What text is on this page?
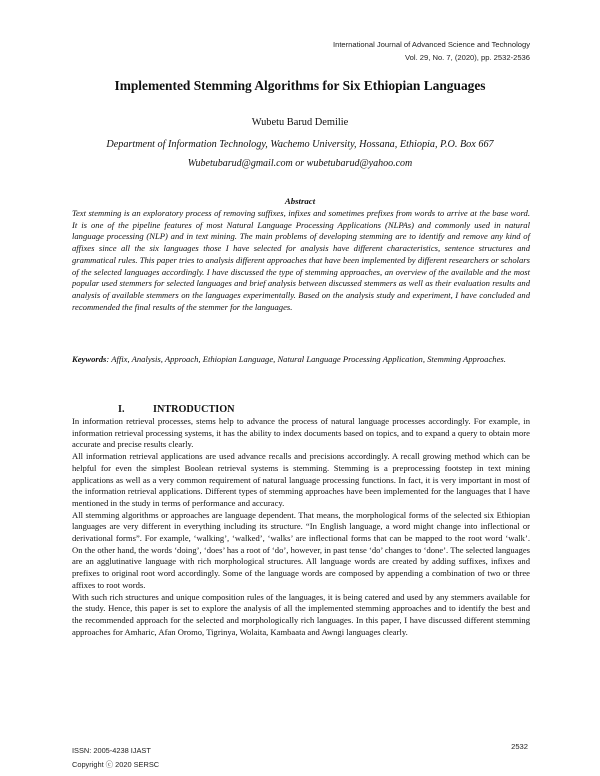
International Journal of Advanced Science and Technology
Vol. 29, No. 7, (2020), pp. 2532-2536
Implemented Stemming Algorithms for Six Ethiopian Languages
Wubetu Barud Demilie
Department of Information Technology, Wachemo University, Hossana, Ethiopia, P.O. Box 667
Wubetubarud@gmail.com or wubetubarud@yahoo.com
Abstract

Text stemming is an exploratory process of removing suffixes, infixes and sometimes prefixes from words to arrive at the base word. It is one of the pipeline features of most Natural Language Processing Applications (NLPAs) and commonly used in natural language processing (NLP) and in text mining. The main problems of developing stemming are to identify and remove any kind of affixes since all the six languages those I have selected for analysis have different characteristics, sentence structures and grammatical rules. This paper tries to analysis different approaches that have been implemented by different researchers or scholars of the selected languages accordingly. I have discussed the type of stemming approaches, an overview of the available and the most popular used stemmers for selected languages and brief analysis between discussed stemmers as well as their evaluation results and analysis of available stemmers on the languages experimentally. Based on the analysis study and experiment, I have concluded and recommended the final results of the stemmer for the languages.

Keywords: Affix, Analysis, Approach, Ethiopian Language, Natural Language Processing Application, Stemming Approaches.

I.	INTRODUCTION

In information retrieval processes, stems help to advance the process of natural language processes accordingly. For example, in information retrieval processing systems, it has the ability to index documents based on topics, and to expand a query to obtain more accurate and precise results clearly.

All information retrieval applications are used advance recalls and precisions accordingly. A recall growing method which can be helpful for even the simplest Boolean retrieval systems is stemming. Stemming is a preprocessing footstep in text mining applications as well as a very common requirement of natural language processing functions. In fact, it is very important in most of the information retrieval applications. Different types of stemming approaches have been implemented for the languages that I have mentioned in the study in terms of performance and accuracy.

All stemming algorithms or approaches are language dependent. That means, the morphological forms of the selected six Ethiopian languages are very different in everything including its structure. “In English language, a word might change into inflectional or derivational forms”. For example, ‘walking’, ‘walked’, ‘walks’ are inflectional forms that can be mapped to the root word ‘walk’. On the other hand, the words ‘doing’, ‘does’ has a root of ‘do’, however, in past tense ‘do’ changes to ‘done’. The selected languages are an agglutinative language with rich morphological structures. All language words are created by adding suffixes, infixes and prefixes to original root word accordingly. Some of the language words are composed by appending a combination of two or three affixes to root words.

With such rich structures and unique composition rules of the languages, it is being catered and used by any stemmers available for the study. Hence, this paper is set to explore the analysis of all the implemented stemming approaches and to identify the best and the recommended approach for the selected and morphologically rich languages. In this paper, I have discussed different stemming approaches for Amharic, Afan Oromo, Tigrinya, Wolaita, Kambaata and Awngi languages clearly.

ISSN: 2005-4238 IJAST
Copyright ⓒ 2020 SERSC
2532
